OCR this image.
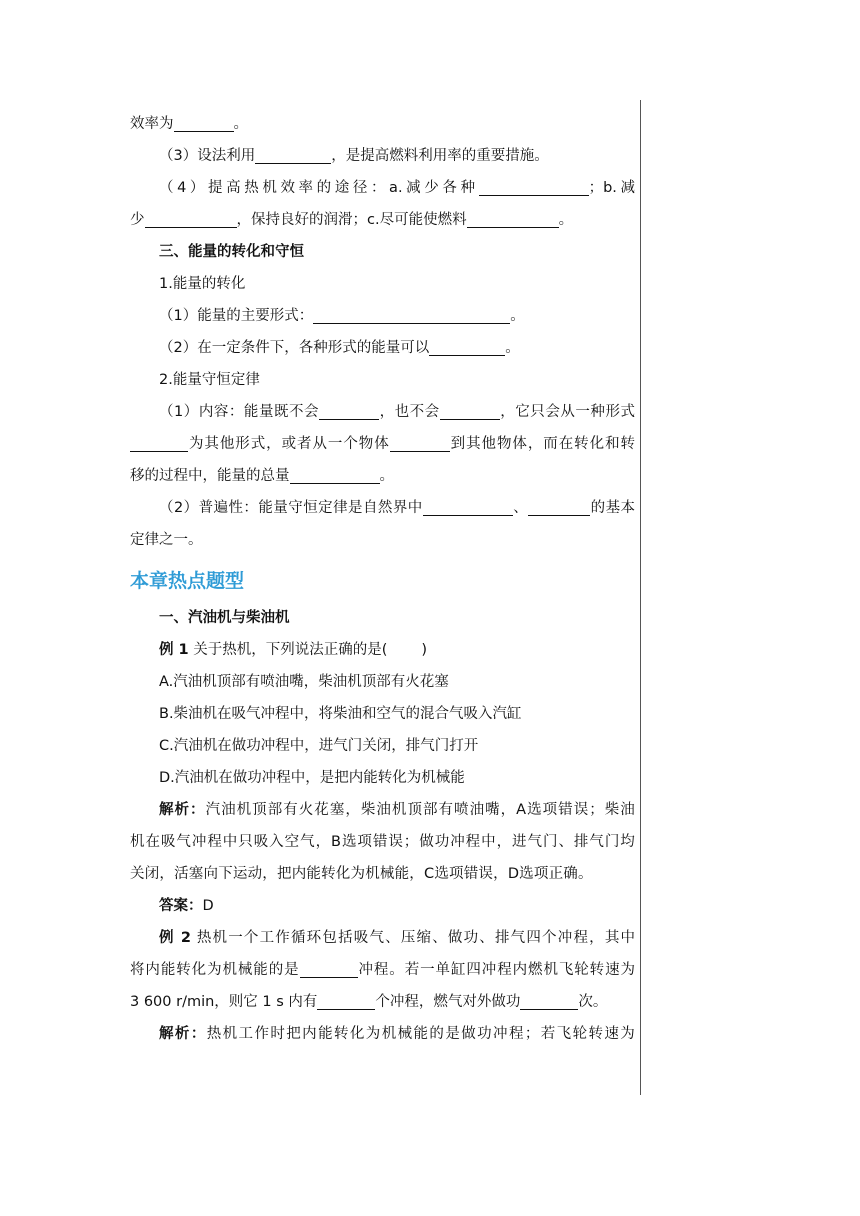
效率为	。

（3）设法利用	，是提高燃料利用率的重要措施。

（4）提高热机效率的途径：a.减少各种	；b.减

少	，保持良好的润滑；c.尽可能使燃料	。

三、能量的转化和守恒

1.能量的转化

（1）能量的主要形式：	。

（2）在一定条件下，各种形式的能量可以	。

2.能量守恒定律

（1）内容：能量既不会	，也不会	，它只会从一种形式

为其他形式，或者从一个物体	到其他物体，而在转化和转

移的过程中，能量的总量	。

（2）普遍性：能量守恒定律是自然界中	、	的基本

定律之一。

本章热点题型

一、汽油机与柴油机

例 1 关于热机，下列说法正确的是( )

A.汽油机顶部有喷油嘴，柴油机顶部有火花塞

B.柴油机在吸气冲程中，将柴油和空气的混合气吸入汽缸

C.汽油机在做功冲程中，进气门关闭，排气门打开

D.汽油机在做功冲程中，是把内能转化为机械能

解析：汽油机顶部有火花塞，柴油机顶部有喷油嘴，A选项错误；柴油

机在吸气冲程中只吸入空气，B选项错误；做功冲程中，进气门、排气门均

关闭，活塞向下运动，把内能转化为机械能，C选项错误，D选项正确。

答案：D

例 2 热机一个工作循环包括吸气、压缩、做功、排气四个冲程，其中

将内能转化为机械能的是	冲程。若一单缸四冲程内燃机飞轮转速为

3 600 r/min，则它 1 s 内有	个冲程，燃气对外做功	次。

解析：热机工作时把内能转化为机械能的是做功冲程；若飞轮转速为
